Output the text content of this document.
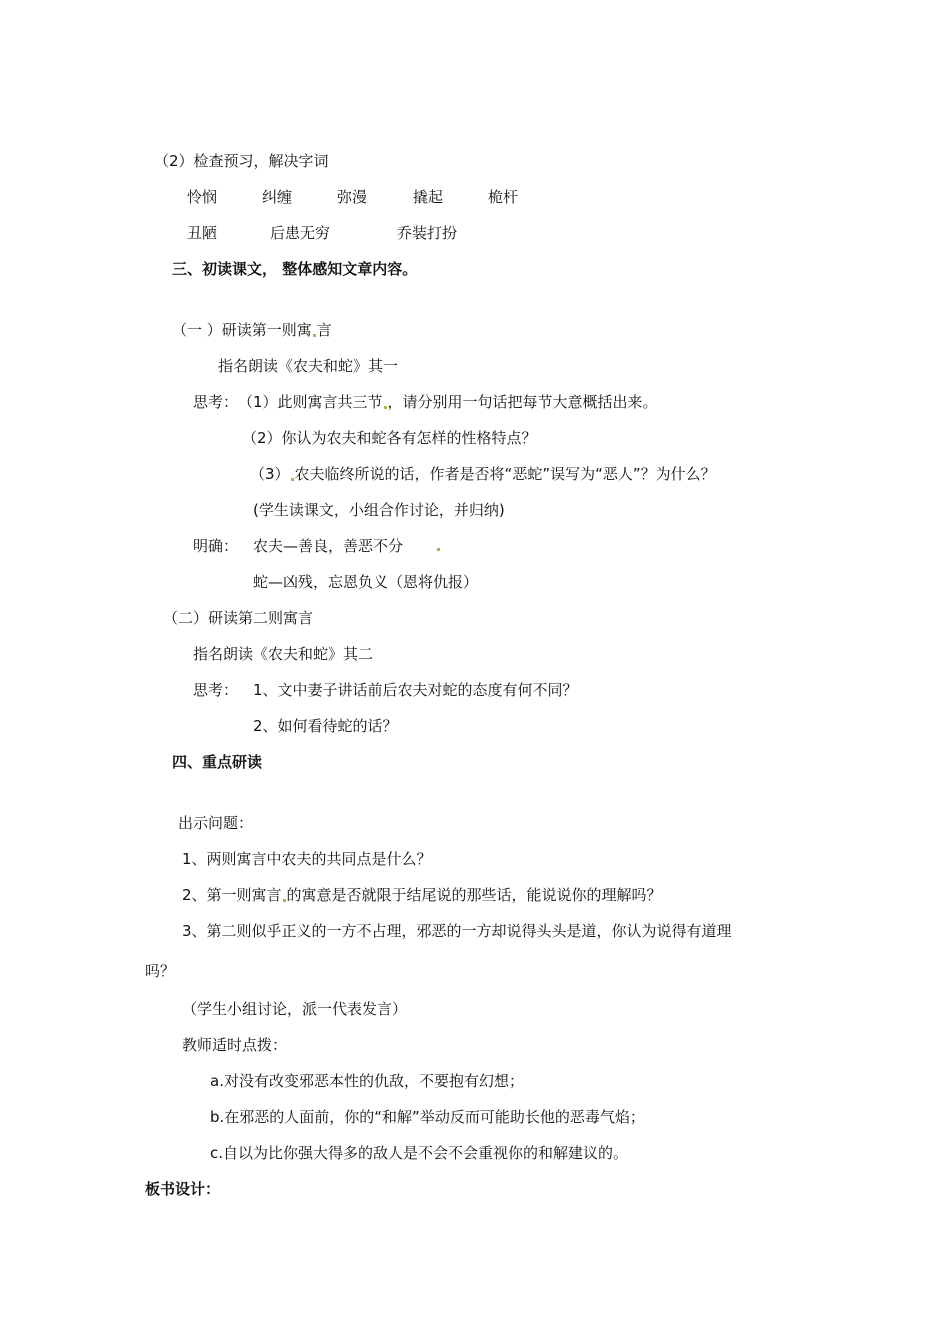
（2）检查预习，解决字词
怜悯	纠缠	弥漫	撬起	桅杆
丑陋	后患无穷	乔装打扮
三、初读课文， 整体感知文章内容。
（一 ）研读第一则寓 言
指名朗读《农夫和蛇》其一
思考： （1）此则寓言共三节 ，请分别用一句话把每节大意概括出来。
（2）你认为农夫和蛇各有怎样的性格特点？
（3） 农夫临终所说的话，作者是否将“恶蛇”误写为“恶人”？为什么？
(学生读课文，小组合作讨论，并归纳)
明确： 农夫—善良，善恶不分
蛇—凶残，忘恩负义（恩将仇报）
（二）研读第二则寓言
指名朗读《农夫和蛇》其二
思考： 1、文中妻子讲话前后农夫对蛇的态度有何不同？
2、如何看待蛇的话？
四、重点研读
出示问题：
1、两则寓言中农夫的共同点是什么？
2、第一则寓言 的寓意是否就限于结尾说的那些话，能说说你的理解吗？
3、第二则似乎正义的一方不占理，邪恶的一方却说得头头是道，你认为说得有道理
吗？
（学生小组讨论，派一代表发言）
教师适时点拨：
a.对没有改变邪恶本性的仇敌，不要抱有幻想；
b.在邪恶的人面前，你的“和解”举动反而可能助长他的恶毒气焰；
c.自以为比你强大得多的敌人是不会不会重视你的和解建议的。
板书设计：
